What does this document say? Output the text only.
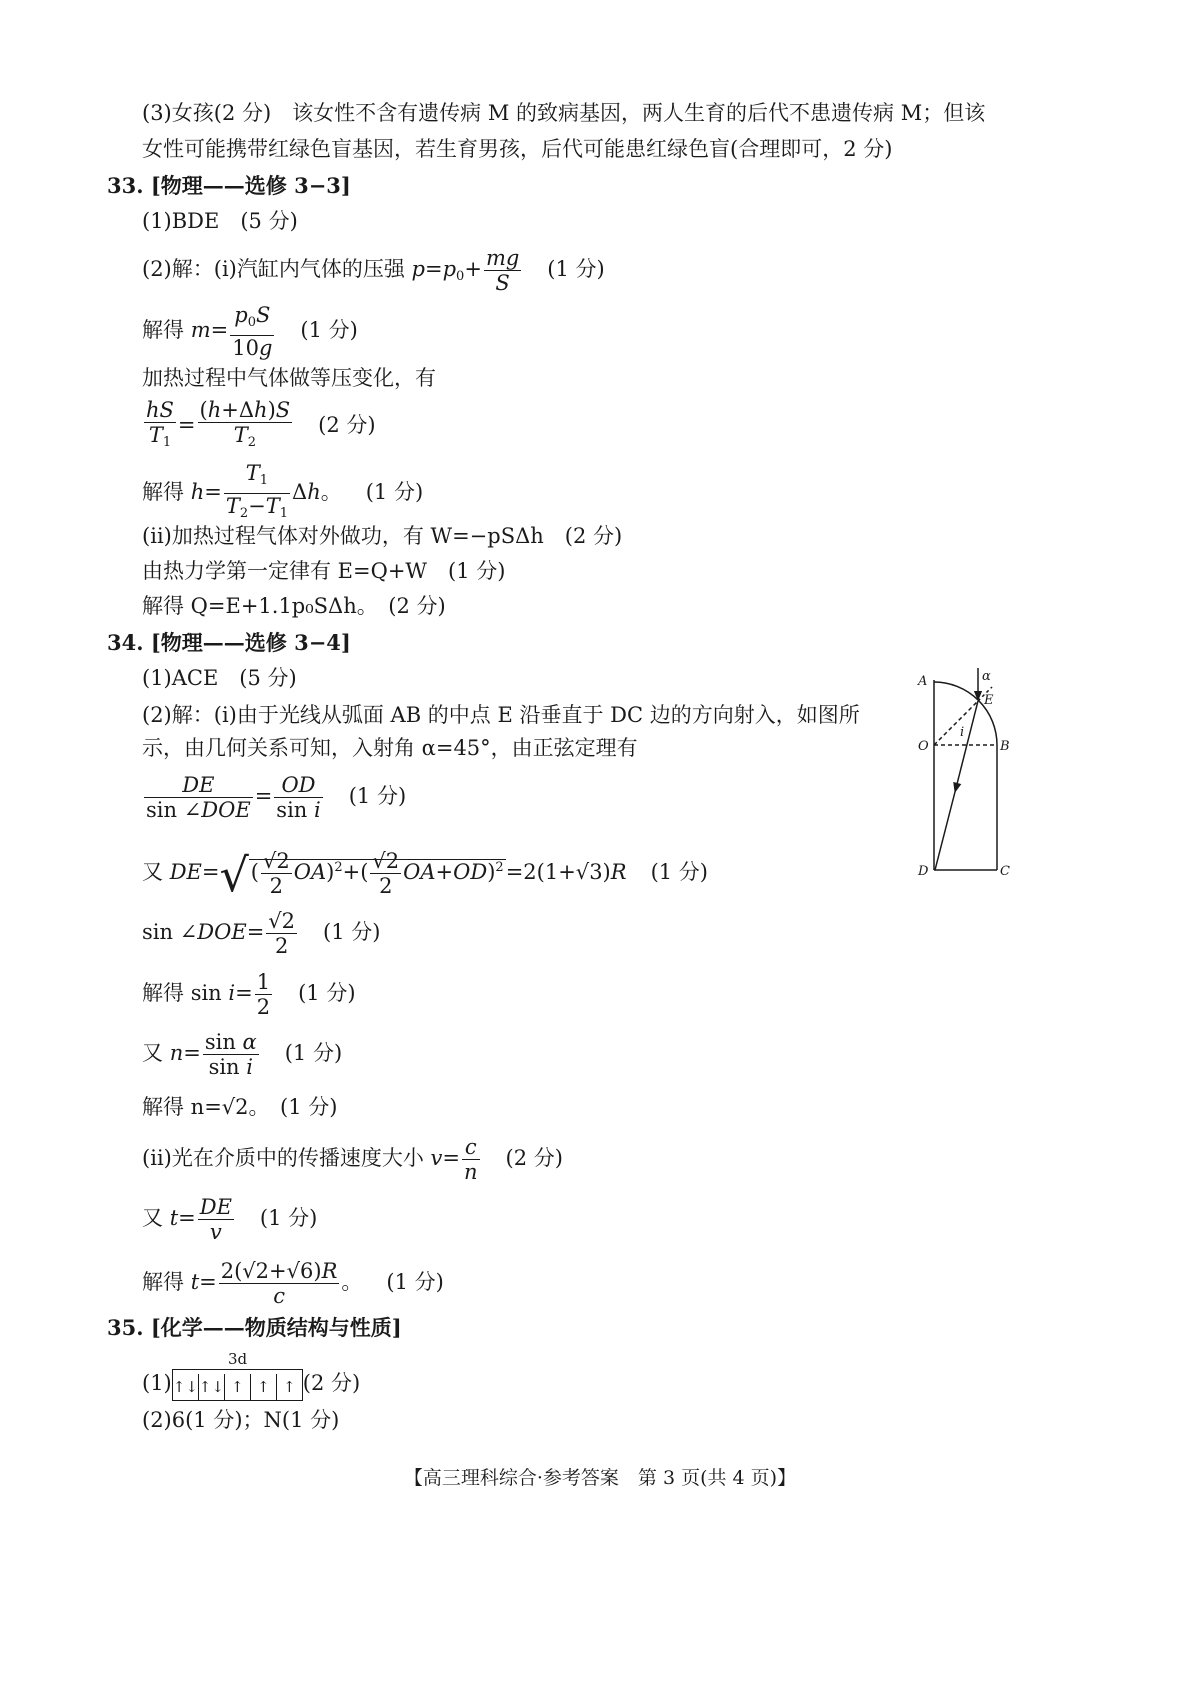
(3)女孩(2 分)　该女性不含有遗传病 M 的致病基因，两人生育的后代不患遗传病 M；但该
女性可能携带红绿色盲基因，若生育男孩，后代可能患红绿色盲(合理即可，2 分)
33. [物理——选修 3−3]
(1)BDE　(5 分)
(2)解：(ⅰ)汽缸内气体的压强 $p=p_0+ \frac{mg}{S} (1$ 分)
解得 $m= \frac{p_0S}{10g} (1$ 分)
加热过程中气体做等压变化，有
$\frac{hS}{T_1} = \frac{(h+\Delta h)S}{T_2} (2$ 分)
解得 $h= \frac{T_1}{T_2-T_1}$ Δh。 (1 分)
(ⅱ)加热过程气体对外做功，有 W=−pSΔh　(2 分)
由热力学第一定律有 E=Q+W　(1 分)
解得 Q=E+1.1p₀SΔh。　(2 分)
34. [物理——选修 3−4]
(1)ACE　(5 分)
(2)解：(ⅰ)由于光线从弧面 AB 的中点 E 沿垂直于 DC 边的方向射入，如图所
示，由几何关系可知，入射角 α=45°，由正弦定理有
$\frac{DE}{\text{sin ∠DOE}} = \frac{OD}{\text{sin i}} (1$ 分)
又 $DE=√( \frac{√2}{2} OA)^2+( \frac{√2}{2} OA+OD)^2=2(1+√3)R$ (1 分)
sin ∠DOE= $\frac{√2}{2} (1$ 分)
解得 $\sin i= \frac{1}{2} (1$ 分)
又 $n= \frac{\text{sin α}}{\text{sin i}} (1$ 分)
解得 n=√2。　(1 分)
(ⅱ)光在介质中的传播速度大小 $v= \frac{c}{n} (2$ 分)
又 $t= \frac{DE}{v} (1$ 分)
解得 $t= \frac{2(√2+√6)R}{c}$ 。 (1 分)
A
B
C
D
O
E
α
i
35. [化学——物质结构与性质]
3d
(1)↑↓↑↓ ↑ ↑ ↑ (2 分)
(2)6(1 分)；N(1 分)
【高三理科综合·参考答案　第 3 页(共 4 页)】
